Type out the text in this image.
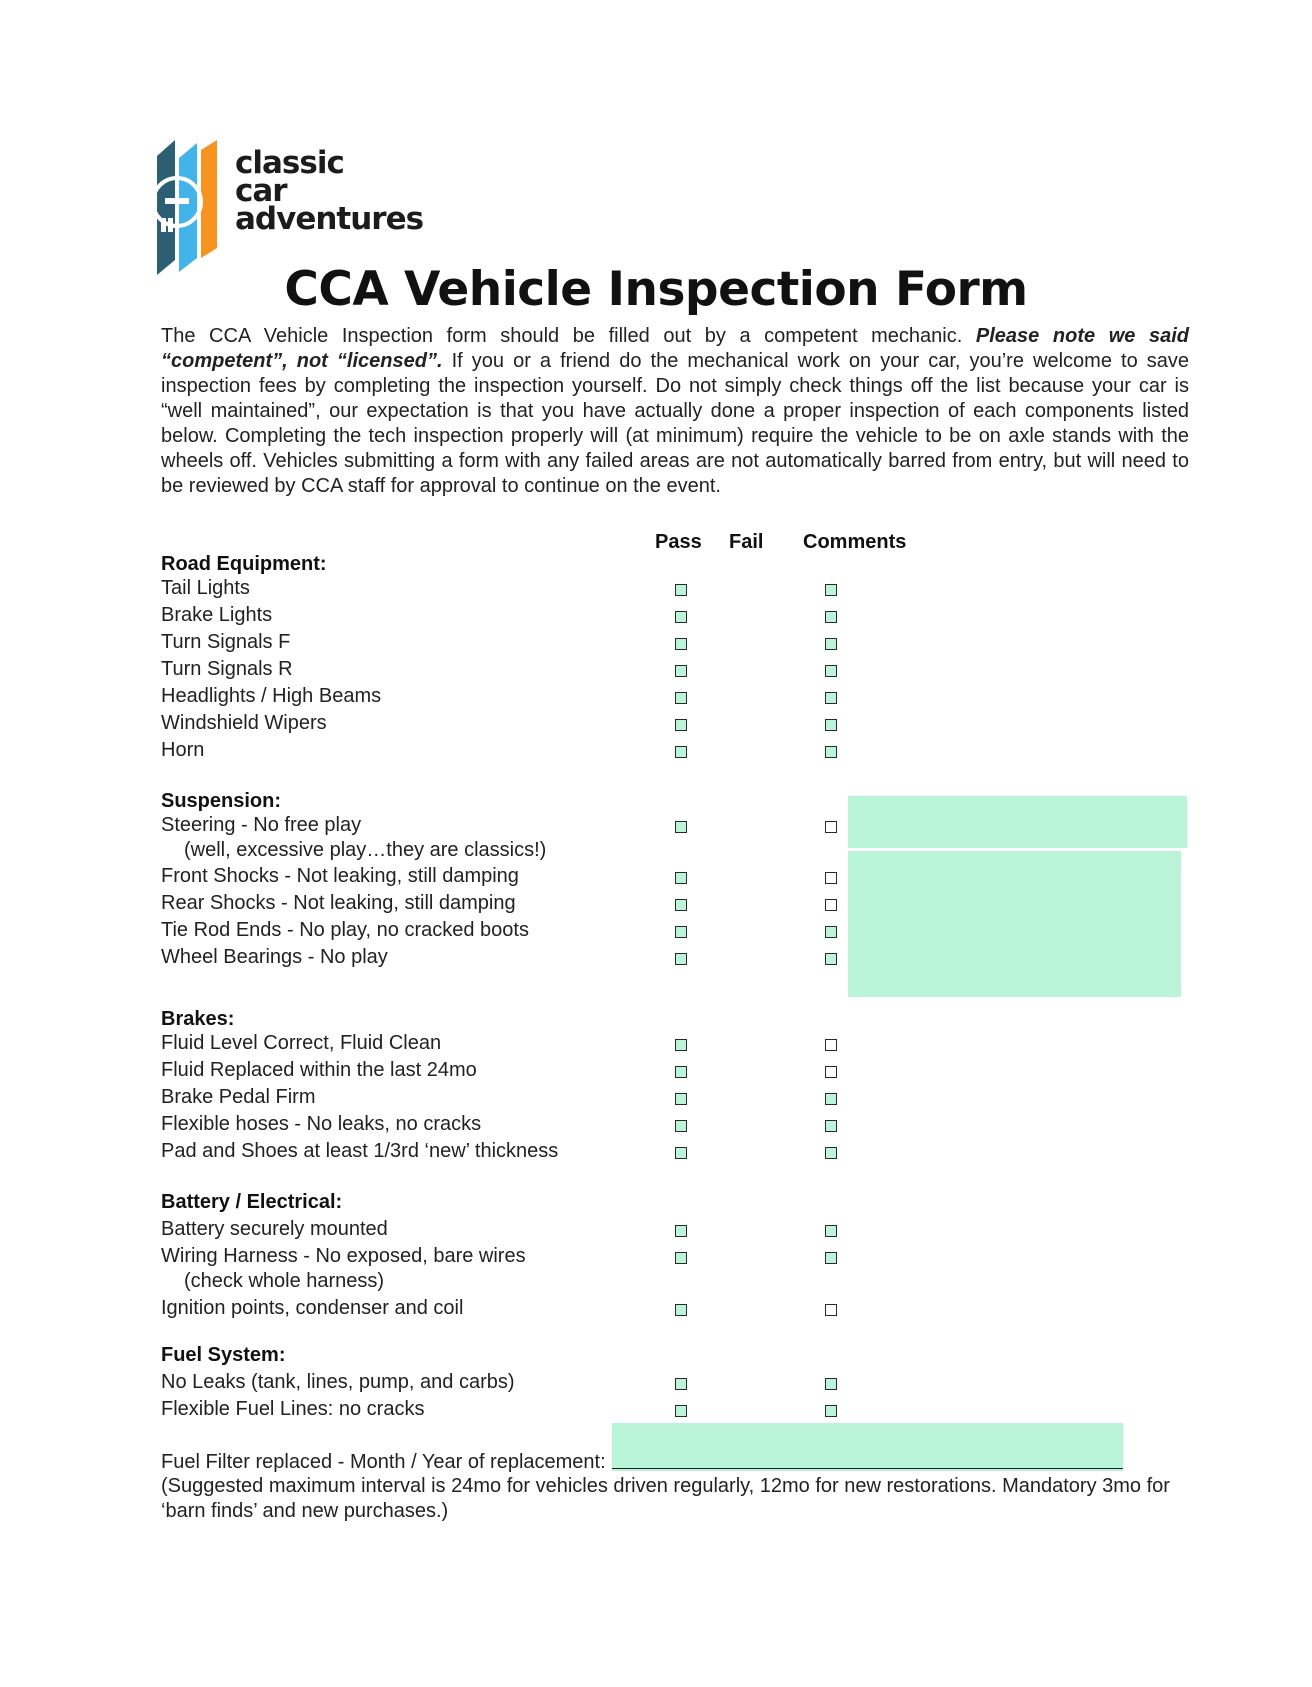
classic
car
adventures
CCA Vehicle Inspection Form
The CCA Vehicle Inspection form should be filled out by a competent mechanic. Please note we said “competent”, not “licensed”. If you or a friend do the mechanical work on your car, you’re welcome to save inspection fees by completing the inspection yourself. Do not simply check things off the list because your car is “well maintained”, our expectation is that you have actually done a proper inspection of each components listed below. Completing the tech inspection properly will (at minimum) require the vehicle to be on axle stands with the wheels off. Vehicles submitting a form with any failed areas are not automatically barred from entry, but will need to be reviewed by CCA staff for approval to continue on the event.
Pass Fail Comments
Road Equipment:
Tail Lights
Brake Lights
Turn Signals F
Turn Signals R
Headlights / High Beams
Windshield Wipers
Horn
Suspension:
Steering - No free play
(well, excessive play…they are classics!)
Front Shocks - Not leaking, still damping
Rear Shocks - Not leaking, still damping
Tie Rod Ends - No play, no cracked boots
Wheel Bearings - No play
Brakes:
Fluid Level Correct, Fluid Clean
Fluid Replaced within the last 24mo
Brake Pedal Firm
Flexible hoses - No leaks, no cracks
Pad and Shoes at least 1/3rd ‘new’ thickness
Battery / Electrical:
Battery securely mounted
Wiring Harness - No exposed, bare wires
(check whole harness)
Ignition points, condenser and coil
Fuel System:
No Leaks (tank, lines, pump, and carbs)
Flexible Fuel Lines: no cracks
Fuel Filter replaced - Month / Year of replacement:
(Suggested maximum interval is 24mo for vehicles driven regularly, 12mo for new restorations. Mandatory 3mo for ‘barn finds’ and new purchases.)
